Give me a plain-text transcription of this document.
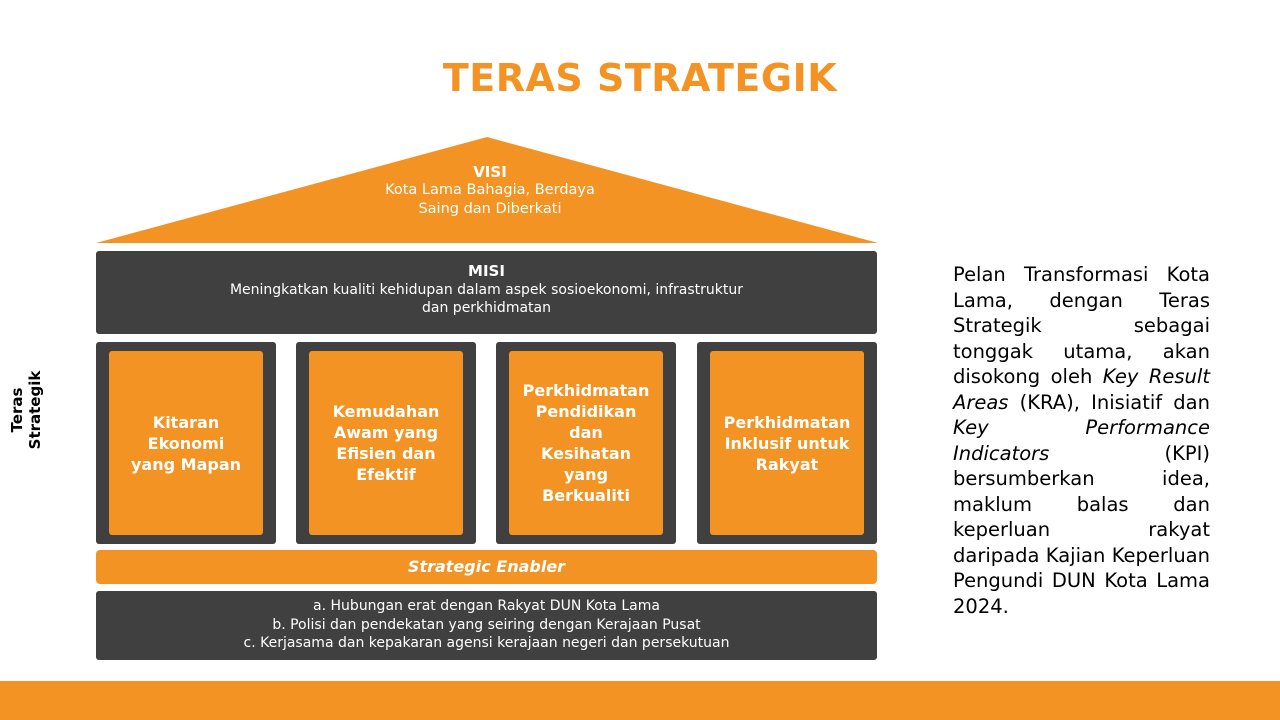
TERAS STRATEGIK
VISI
Kota Lama Bahagia, Berdaya
Saing dan Diberkati
MISI
Meningkatkan kualiti kehidupan dalam aspek sosioekonomi, infrastruktur
dan perkhidmatan
Teras Strategik	Kitaran
Ekonomi
yang Mapan
Kemudahan
Awam yang
Efisien dan
Efektif
Perkhidmatan
Pendidikan
dan
Kesihatan
yang
Berkualiti
Perkhidmatan
Inklusif untuk
Rakyat
Strategic Enabler
a. Hubungan erat dengan Rakyat DUN Kota Lama
b. Polisi dan pendekatan yang seiring dengan Kerajaan Pusat
c. Kerjasama dan kepakaran agensi kerajaan negeri dan persekutuan
Pelan Transformasi Kota Lama, dengan Teras Strategik sebagai tonggak utama, akan disokong oleh Key Result Areas (KRA), Inisiatif dan Key Performance Indicators (KPI) bersumberkan idea, maklum balas dan keperluan rakyat daripada Kajian Keperluan Pengundi DUN Kota Lama 2024.
